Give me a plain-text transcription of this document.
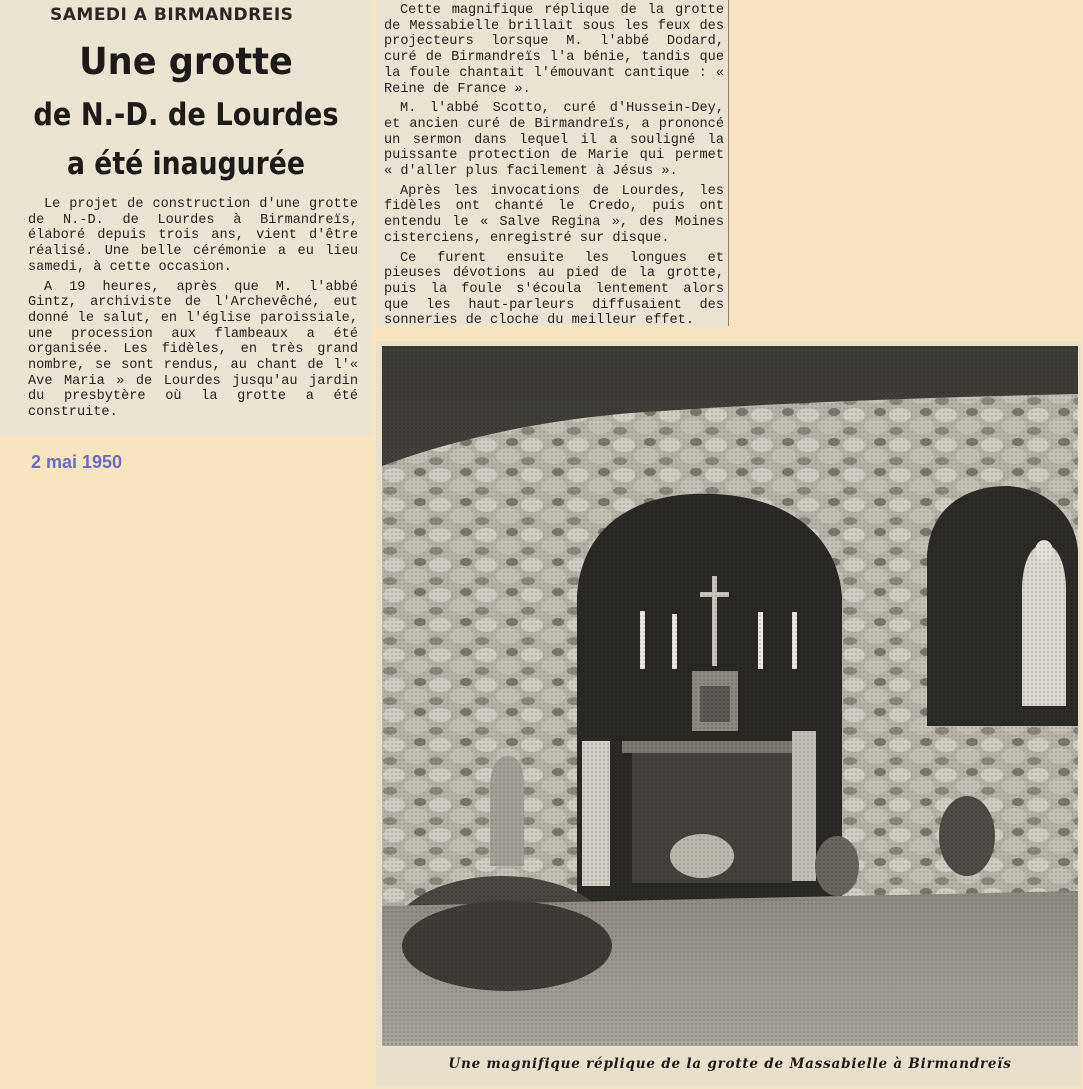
SAMEDI A BIRMANDREIS
Une grotte
de N.-D. de Lourdes
a été inaugurée

Le projet de construction d'une grotte de N.-D. de Lourdes à Birmandreïs, élaboré depuis trois ans, vient d'être réalisé. Une belle cérémonie a eu lieu samedi, à cette occasion.

A 19 heures, après que M. l'abbé Gintz, archiviste de l'Archevêché, eut donné le salut, en l'église paroissiale, une procession aux flambeaux a été organisée. Les fidèles, en très grand nombre, se sont rendus, au chant de l'« Ave Maria » de Lourdes jusqu'au jardin du presbytère où la grotte a été construite.

Cette magnifique réplique de la grotte de Messabielle brillait sous les feux des projecteurs lorsque M. l'abbé Dodard, curé de Birmandreïs l'a bénie, tandis que la foule chantait l'émouvant cantique : « Reine de France ».

M. l'abbé Scotto, curé d'Hussein-Dey, et ancien curé de Birmandreïs, a prononcé un sermon dans lequel il a souligné la puissante protection de Marie qui permet « d'aller plus facilement à Jésus ».

Après les invocations de Lourdes, les fidèles ont chanté le Credo, puis ont entendu le « Salve Regina », des Moines cisterciens, enregistré sur disque.

Ce furent ensuite les longues et pieuses dévotions au pied de la grotte, puis la foule s'écoula lentement alors que les haut-parleurs diffusaient des sonneries de cloche du meilleur effet.

2 mai 1950
Une magnifique réplique de la grotte de Massabielle à Birmandreïs
